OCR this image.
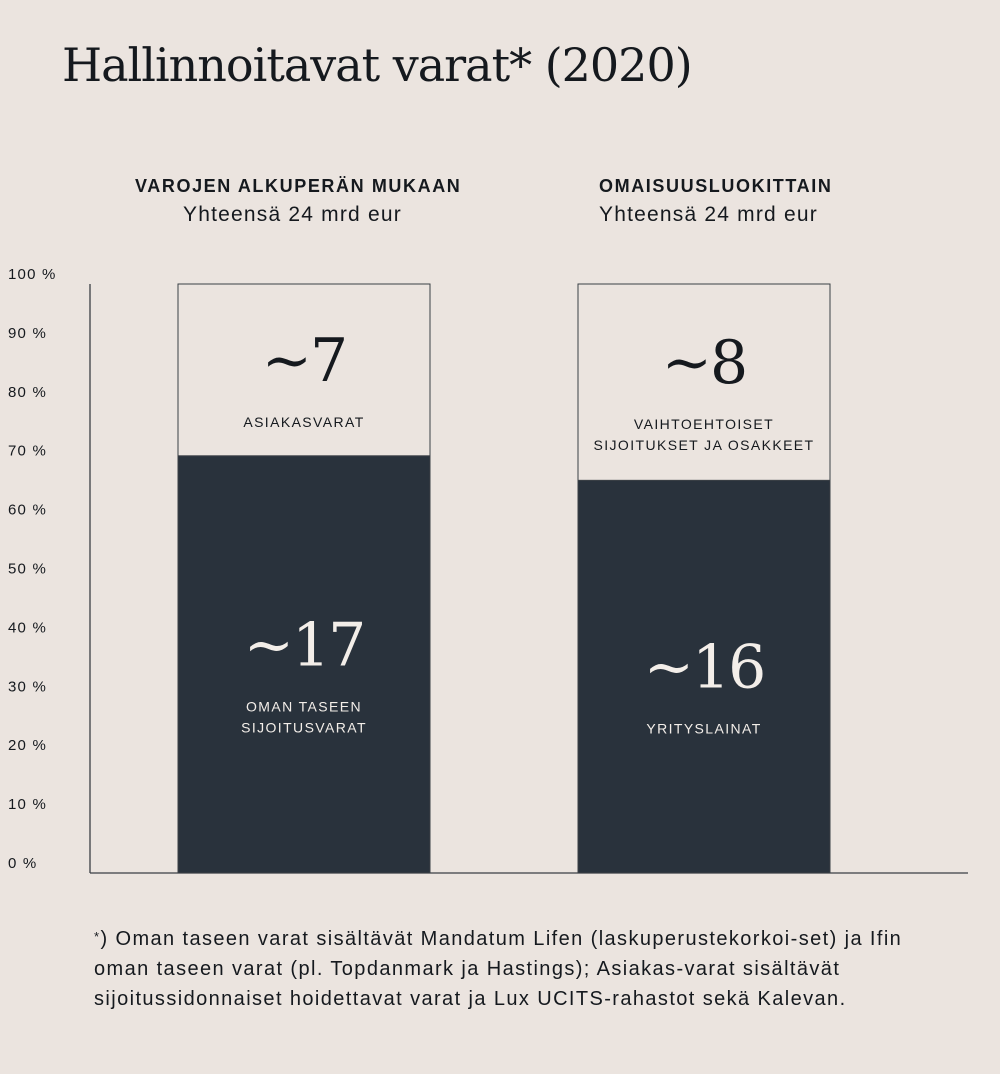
Hallinnoitavat varat* (2020)
VAROJEN ALKUPERÄN MUKAAN
Yhteensä 24 mrd eur
OMAISUUSLUOKITTAIN
Yhteensä 24 mrd eur
0 %
10 %
20 %
30 %
40 %
50 %
60 %
70 %
80 %
90 %
100 %
~17
OMAN TASEEN
SIJOITUSVARAT
~7
ASIAKASVARAT
~16
YRITYSLAINAT
~8
VAIHTOEHTOISET
SIJOITUKSET JA OSAKKEET

*) Oman taseen varat sisältävät Mandatum Lifen (laskuperustekorkoi-set) ja Ifin oman taseen varat (pl. Topdanmark ja Hastings); Asiakas-varat sisältävät sijoitussidonnaiset hoidettavat varat ja Lux UCITS-rahastot sekä Kalevan.
